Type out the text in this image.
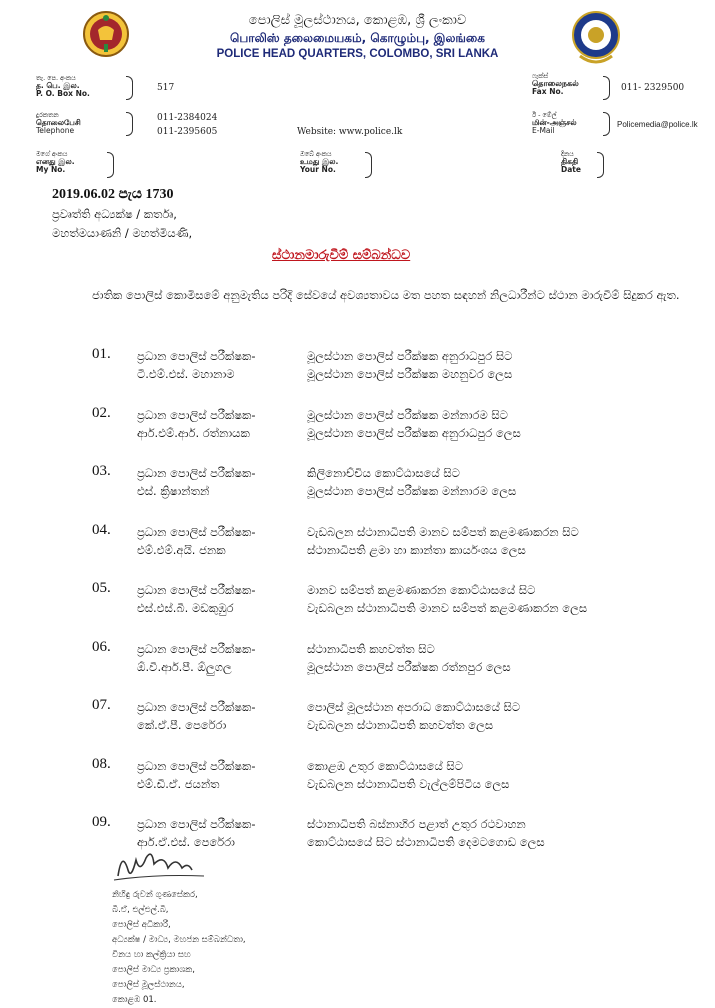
පොලිස් මූලස්ථානය, කොළඹ, ශ්‍රී ලංකාව
பொலிஸ் தலைமையகம், கொழும்பு, இலங்கை
POLICE HEAD QUARTERS, COLOMBO, SRI LANKA
තැ. පෙ. අංකය
த. பெ. இல.
P. O. Box No.
517
ෆැක්ස්
தொலைநகல்
Fax No.	011- 2329500
දුරකතන
தொலைபேசி
Telephone
011-2384024
011-2395605	Website: www.police.lk
ඊ - මේල්
மின்-அஞ்சல்
E-Mail
Policemedia@police.lk
මගේ අංකය
எனது இல.
My No.
ඔබේ අංකය
உமது இல.
Your No.
දිනය
திகதி
Date
2019.06.02 පැය 1730
ප්‍රවෘත්ති අධ්‍යක්ෂ / කර්තෘ,
මහත්මයාණනි / මහත්මියණි,
ස්ථානමාරුවීම් සම්බන්ධව
ජාතික පොලිස් කොමිසමේ අනුමැතිය පරිදි සේවයේ අවශ්‍යතාවය මත පහත සඳහන් නිලධාරීන්ට ස්ථාන මාරුවීම් සිදුකර ඇත.
01. ප්‍රධාන පොලිස් පරීක්ෂක-
ටී.එම්.එස්. මහානාම
මූලස්ථාන පොලිස් පරීක්ෂක අනුරාධපුර සිට
මූලස්ථාන පොලිස් පරීක්ෂක මහනුවර ලෙස
02. ප්‍රධාන පොලිස් පරීක්ෂක-
ආර්.එම්.ආර්. රත්නායක
මූලස්ථාන පොලිස් පරීක්ෂක මන්නාරම සිට
මූලස්ථාන පොලිස් පරීක්ෂක අනුරාධපුර ලෙස
03. ප්‍රධාන පොලිස් පරීක්ෂක-
එස්. ක්‍රිෂාන්තන්
කිලිනොච්චිය කොට්ඨාසයේ සිට
මූලස්ථාන පොලිස් පරීක්ෂක මන්නාරම ලෙස
04. ප්‍රධාන පොලිස් පරීක්ෂක-
එම්.එම්.අයි. ජනක
වැඩබලන ස්ථානාධිපති මානව සම්පත් කළමණාකරන සිට
ස්ථානාධිපති ළමා හා කාන්තා කාර්යංශය ලෙස
05. ප්‍රධාන පොලිස් පරීක්ෂක-
එස්.එස්.බී. මඩකුඹුර
මානව සම්පත් කළමණාකරන කොට්ඨාසයේ සිට
වැඩබලන ස්ථානාධිපති මානව සම්පත් කළමණාකරන ලෙස
06. ප්‍රධාන පොලිස් පරීක්ෂක-
ඕ.වී.ආර්.පී. ඕලුගල
ස්ථානාධිපති කහවත්ත සිට
මූලස්ථාන පොලිස් පරීක්ෂක රත්නපුර ලෙස
07. ප්‍රධාන පොලිස් පරීක්ෂක-
කේ.ඒ.පී. පෙරේරා
පොලිස් මූලස්ථාන අපරාධ කොට්ඨාසයේ සිට
වැඩබලන ස්ථානාධිපති කහවත්ත ලෙස
08. ප්‍රධාන පොලිස් පරීක්ෂක-
එම්.ඩී.ඒ. ජයන්ත
කොළඹ උතුර කොට්ඨාසයේ සිට
වැඩබලන ස්ථානාධිපති වැල්ලම්පිටිය ලෙස
09. ප්‍රධාන පොලිස් පරීක්ෂක-
ආර්.ඒ.එස්. පෙරේරා
ස්ථානාධිපති බස්නාහිර පළාත් උතුර රථවාහන
කොට්ඨාසයේ සිට ස්ථානාධිපති දෙමටගොඩ ලෙස
නිහිඳු රුවන් ගුණසේකර,
බී.ඒ, එල්එල්.බී,
පොලිස් අධිකාරී,
අධ්‍යක්ෂ / මාධ්‍ය, මහජන සම්බන්ධතා,
විනය හා කල්ක්‍රියා සහ
පොලිස් මාධ්‍ය ප්‍රකාශක,
පොලිස් මූලස්ථානය,
කොළඹ 01.
